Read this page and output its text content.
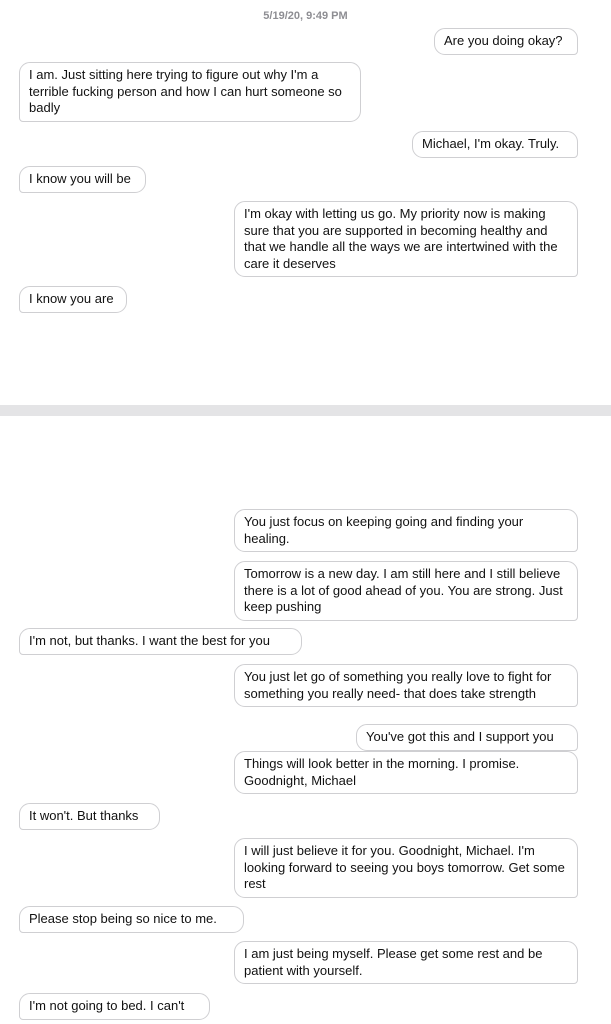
5/19/20, 9:49 PM
Are you doing okay?
I am. Just sitting here trying to figure out why I'm a terrible fucking person and how I can hurt someone so badly
Michael, I'm okay. Truly.
I know you will be
I'm okay with letting us go. My priority now is making sure that you are supported in becoming healthy and that we handle all the ways we are intertwined with the care it deserves
I know you are
You just focus on keeping going and finding your healing.
Tomorrow is a new day. I am still here and I still believe there is a lot of good ahead of you. You are strong. Just keep pushing
I'm not, but thanks. I want the best for you
You just let go of something you really love to fight for something you really need- that does take strength
You've got this and I support you
Things will look better in the morning. I promise. Goodnight, Michael
It won't. But thanks
I will just believe it for you. Goodnight, Michael. I'm looking forward to seeing you boys tomorrow. Get some rest
Please stop being so nice to me.
I am just being myself. Please get some rest and be patient with yourself.
I'm not going to bed. I can't
